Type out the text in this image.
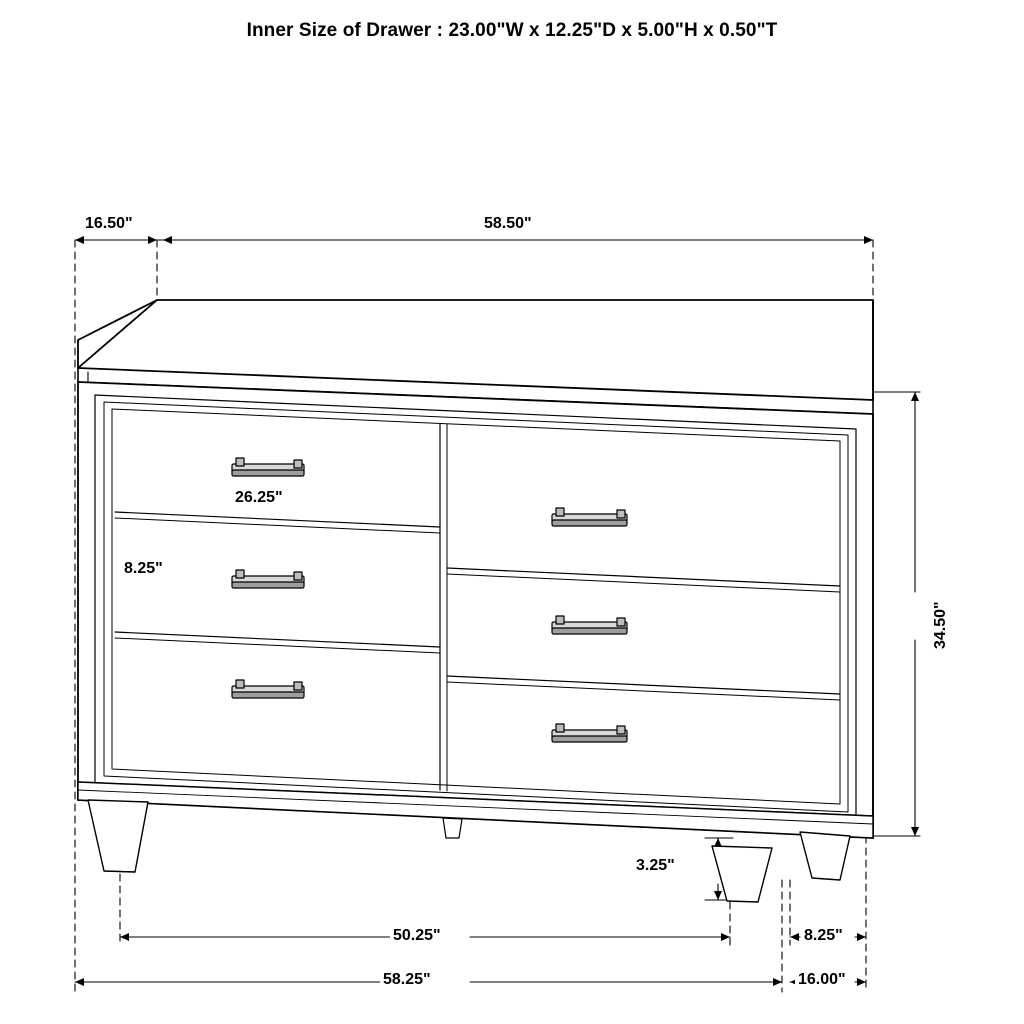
Inner Size of Drawer : 23.00"W x 12.25"D x 5.00"H x 0.50"T
16.50"	58.50"
26.25"
8.25"
34.50"
3.25"
50.25"
58.25"
8.25"
16.00"
